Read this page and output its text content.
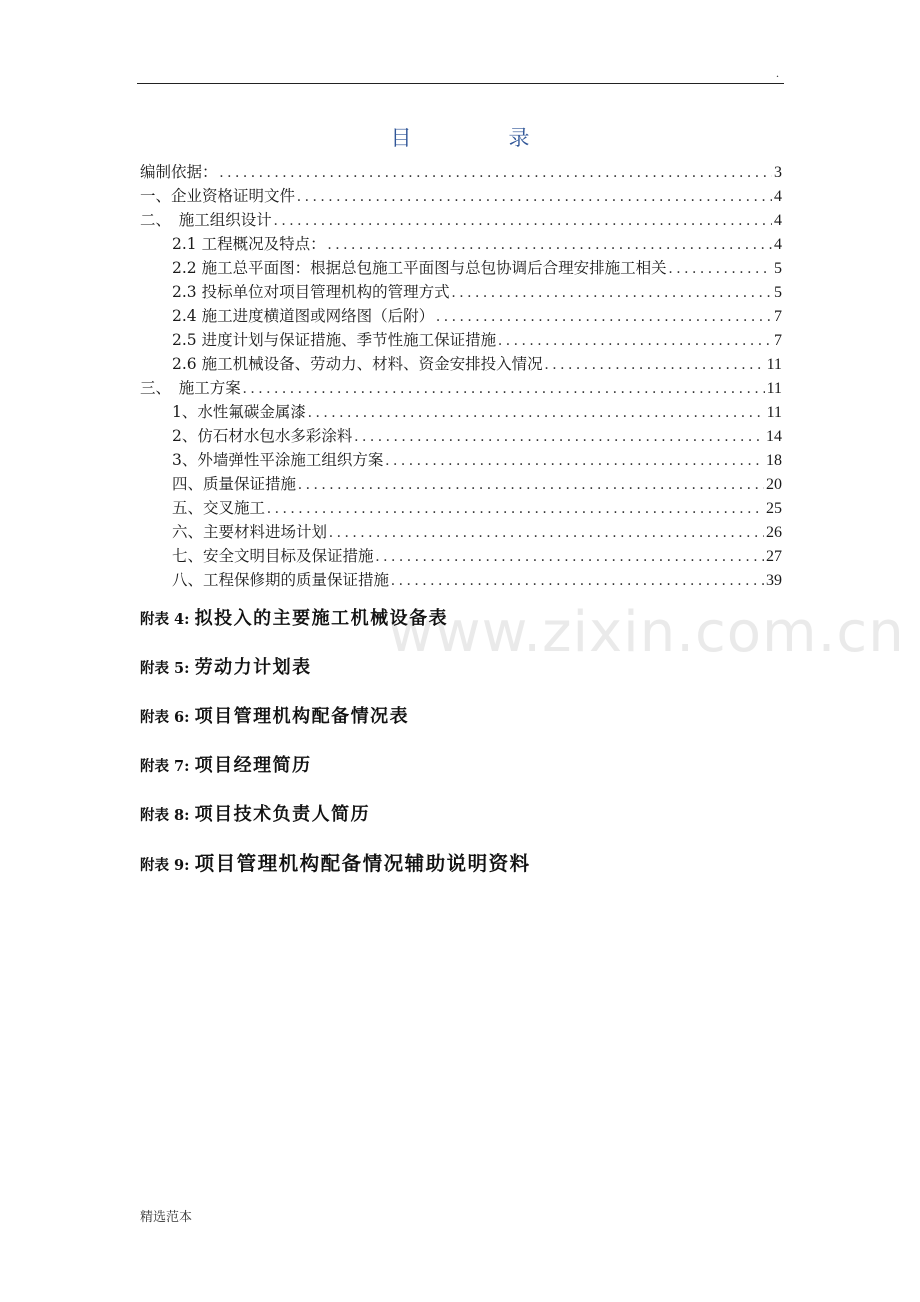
.
目　录
编制依据： .....	3
一、企业资格证明文件 .....	4
二、　施工组织设计 .....	4
2.1 工程概况及特点： .....	4
2.2 施工总平面图：根据总包施工平面图与总包协调后合理安排施工相关 .....	5
2.3 投标单位对项目管理机构的管理方式 .....	5
2.4 施工进度横道图或网络图（后附） .....	7
2.5 进度计划与保证措施、季节性施工保证措施 .....	7
2.6 施工机械设备、劳动力、材料、资金安排投入情况 .....	11
三、　施工方案 .....	11
1、水性氟碳金属漆 .....	11
2、仿石材水包水多彩涂料 .....	14
3、外墙弹性平涂施工组织方案 .....	18
四、质量保证措施 .....	20
五、交叉施工 .....	25
六、主要材料进场计划 .....	26
七、安全文明目标及保证措施 .....	27
八、工程保修期的质量保证措施 .....	39
www.zixin.com.cn
附表 4: 拟投入的主要施工机械设备表
附表 5: 劳动力计划表
附表 6: 项目管理机构配备情况表
附表 7: 项目经理简历
附表 8: 项目技术负责人简历
附表 9: 项目管理机构配备情况辅助说明资料
精选范本
